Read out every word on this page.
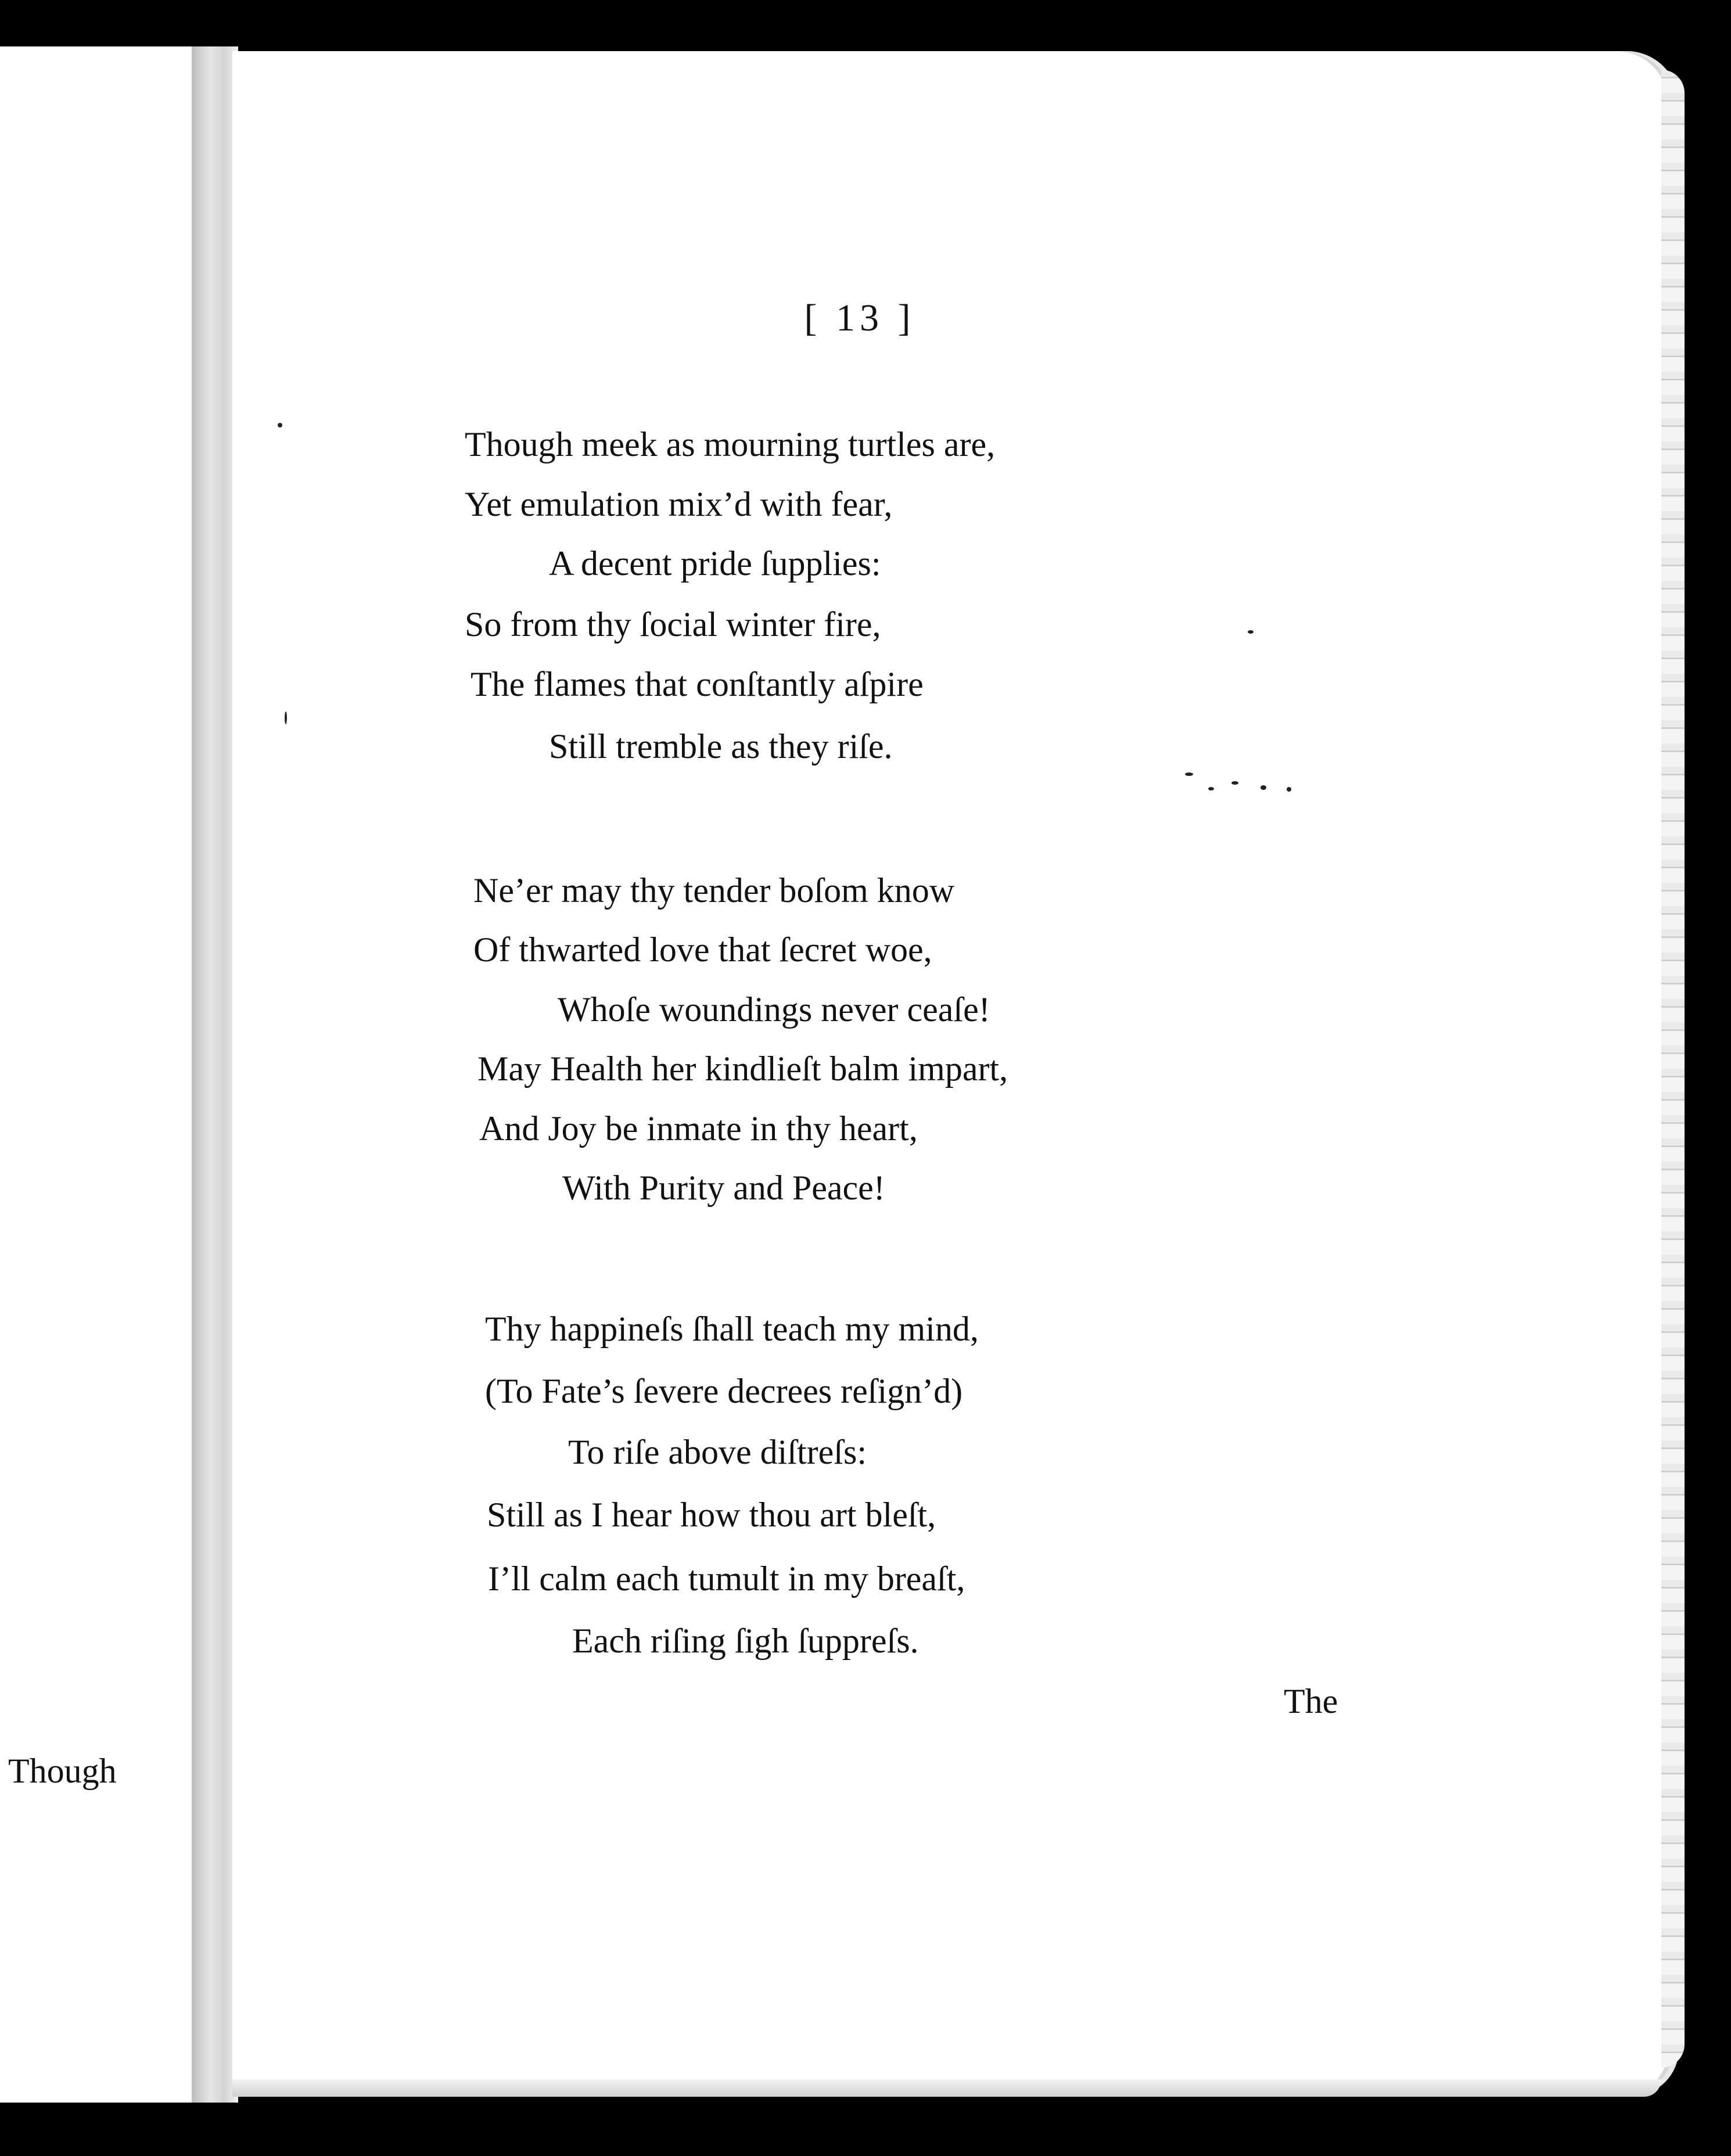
Though
[ 13 ]
Though meek as mourning turtles are,
Yet emulation mix’d with fear,
A decent pride ſupplies:
So from thy ſocial winter fire,
The flames that conſtantly aſpire
Still tremble as they riſe.
Ne’er may thy tender boſom know
Of thwarted love that ſecret woe,
Whoſe woundings never ceaſe!
May Health her kindlieſt balm impart,
And Joy be inmate in thy heart,
With Purity and Peace!
Thy happineſs ſhall teach my mind,
(To Fate’s ſevere decrees reſign’d)
To riſe above diſtreſs:
Still as I hear how thou art bleſt,
I’ll calm each tumult in my breaſt,
Each riſing ſigh ſuppreſs.
The
